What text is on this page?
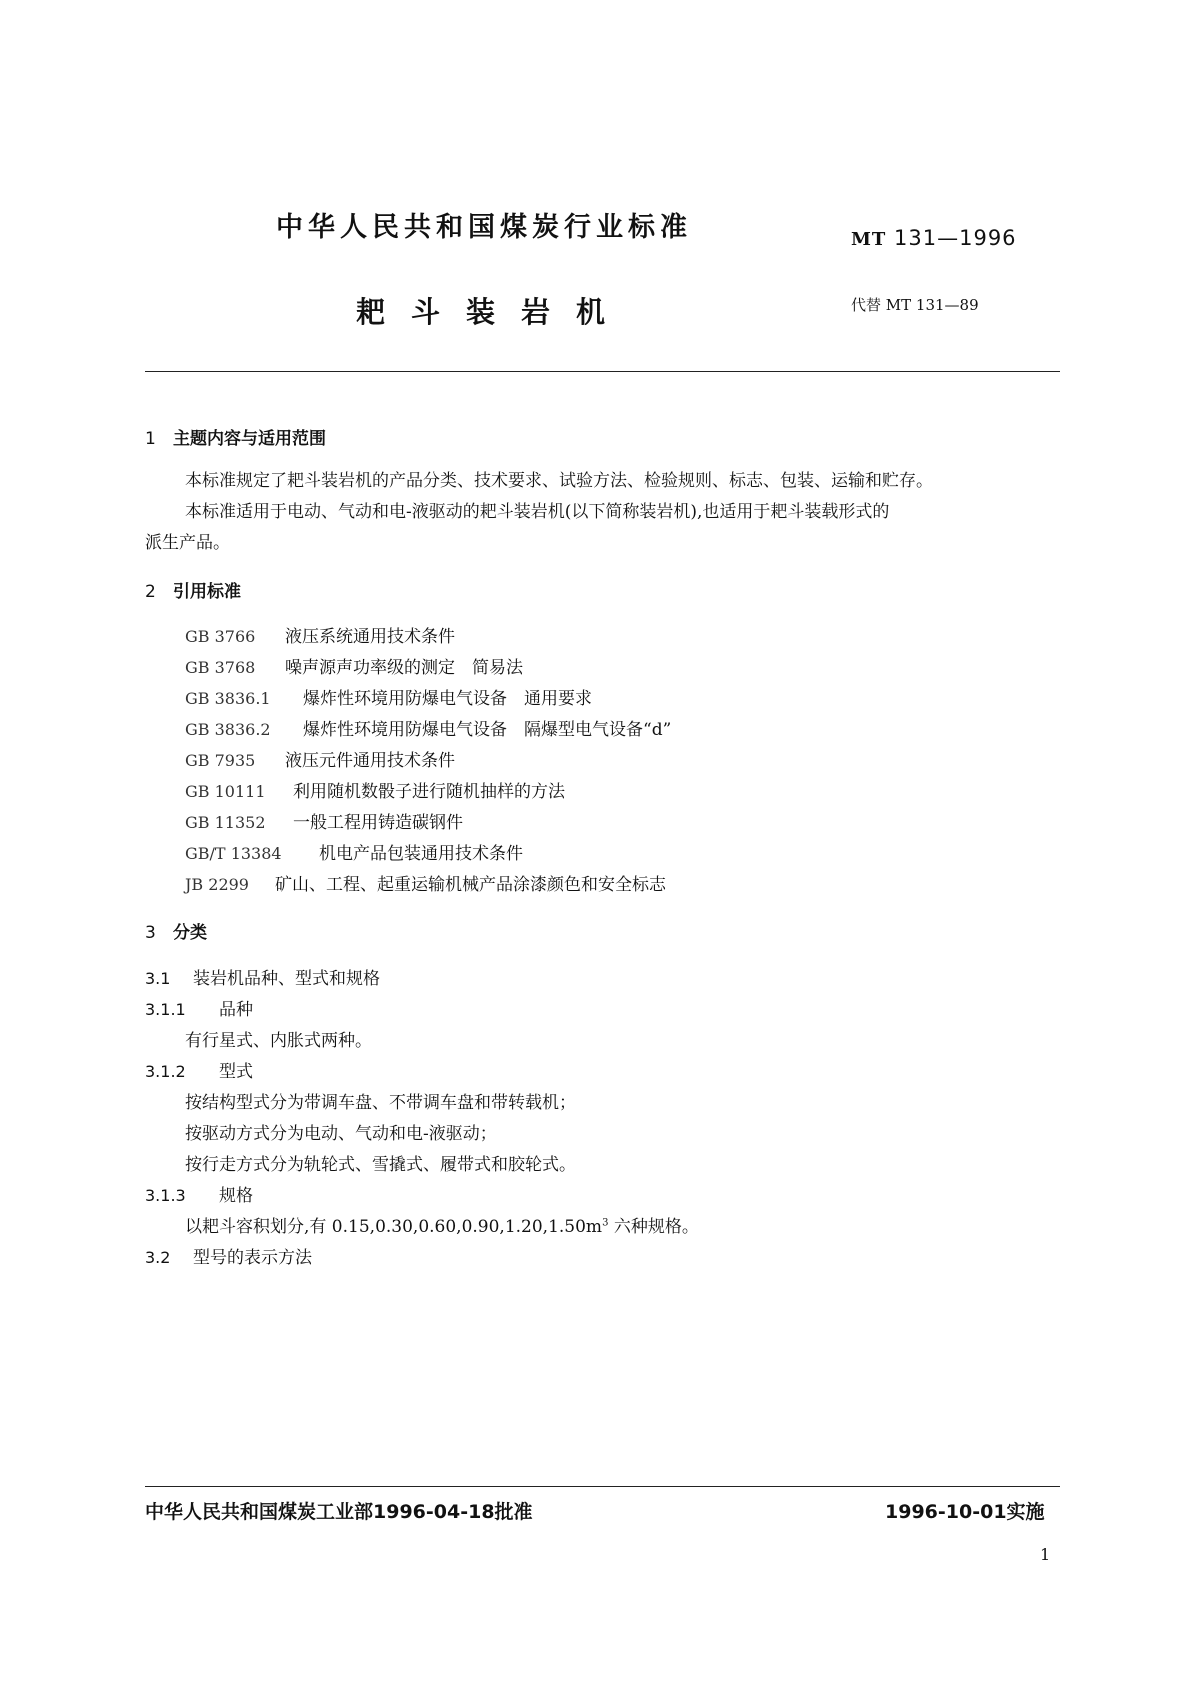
中华人民共和国煤炭行业标准	MT 131—1996
耙斗装岩机	代替 MT 131—89
1 主题内容与适用范围
本标准规定了耙斗装岩机的产品分类、技术要求、试验方法、检验规则、标志、包装、运输和贮存。
本标准适用于电动、气动和电-液驱动的耙斗装岩机(以下简称装岩机),也适用于耙斗装载形式的
派生产品。
2 引用标准
GB 3766 液压系统通用技术条件
GB 3768 噪声源声功率级的测定　简易法
GB 3836.1 爆炸性环境用防爆电气设备　通用要求
GB 3836.2 爆炸性环境用防爆电气设备　隔爆型电气设备“d”
GB 7935 液压元件通用技术条件
GB 10111 利用随机数骰子进行随机抽样的方法
GB 11352 一般工程用铸造碳钢件
GB/T 13384 机电产品包装通用技术条件
JB 2299 矿山、工程、起重运输机械产品涂漆颜色和安全标志
3 分类
3.1 装岩机品种、型式和规格
3.1.1 品种
有行星式、内胀式两种。
3.1.2 型式
按结构型式分为带调车盘、不带调车盘和带转载机；
按驱动方式分为电动、气动和电-液驱动；
按行走方式分为轨轮式、雪撬式、履带式和胶轮式。
3.1.3 规格
以耙斗容积划分,有 $0.15,0.30,0.60,0.90,1.20,1.50m^3$ 六种规格。
3.2 型号的表示方法
中华人民共和国煤炭工业部1996-04-18批准	1996-10-01实施
1
